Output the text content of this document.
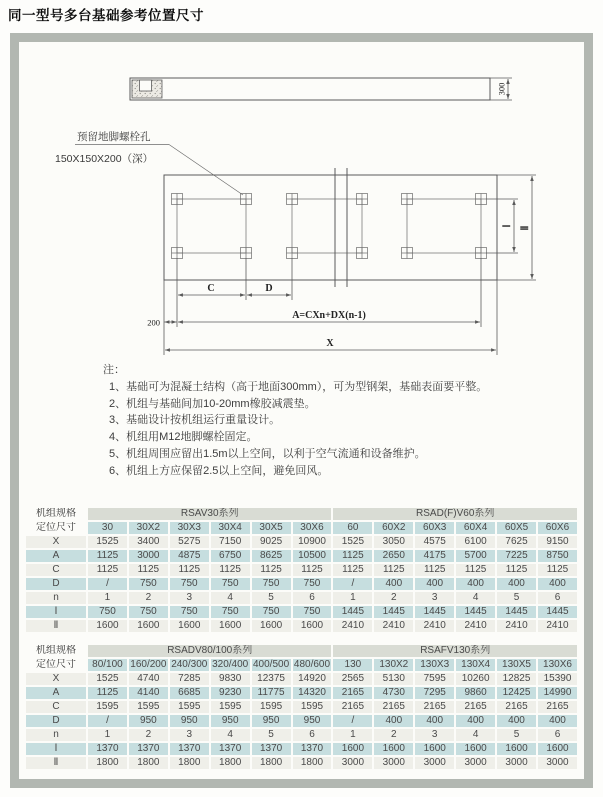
同一型号多台基础参考位置尺寸
300
预留地脚螺栓孔
150X150X200（深）
Ⅰ Ⅱ
C	D
200
A=CXn+DX(n-1)
X
注：
1、基础可为混凝土结构（高于地面300mm），可为型钢架，基础表面要平整。
2、机组与基础间加10-20mm橡胶减震垫。
3、基础设计按机组运行重量设计。
4、机组用M12地脚螺栓固定。
5、机组周围应留出1.5m以上空间，以利于空气流通和设备维护。
6、机组上方应保留2.5以上空间，避免回风。
机组规格	RSAV30系列						RSAD(F)V60系列					
定位尺寸	30	30X2	30X3	30X4	30X5	30X6	60	60X2	60X3	60X4	60X5	60X6
X	1525	3400	5275	7150	9025	10900	1525	3050	4575	6100	7625	9150
A	1125	3000	4875	6750	8625	10500	1125	2650	4175	5700	7225	8750
C	1125	1125	1125	1125	1125	1125	1125	1125	1125	1125	1125	1125
D	/	750	750	750	750	750	/	400	400	400	400	400
n	1	2	3	4	5	6	1	2	3	4	5	6
Ⅰ	750	750	750	750	750	750	1445	1445	1445	1445	1445	1445
Ⅱ	1600	1600	1600	1600	1600	1600	2410	2410	2410	2410	2410	2410
机组规格	RSADV80/100系列						RSAFV130系列					
定位尺寸	80/100	160/200	240/300	320/400	400/500	480/600	130	130X2	130X3	130X4	130X5	130X6
X	1525	4740	7285	9830	12375	14920	2565	5130	7595	10260	12825	15390
A	1125	4140	6685	9230	11775	14320	2165	4730	7295	9860	12425	14990
C	1595	1595	1595	1595	1595	1595	2165	2165	2165	2165	2165	2165
D	/	950	950	950	950	950	/	400	400	400	400	400
n	1	2	3	4	5	6	1	2	3	4	5	6
Ⅰ	1370	1370	1370	1370	1370	1370	1600	1600	1600	1600	1600	1600
Ⅱ	1800	1800	1800	1800	1800	1800	3000	3000	3000	3000	3000	3000
